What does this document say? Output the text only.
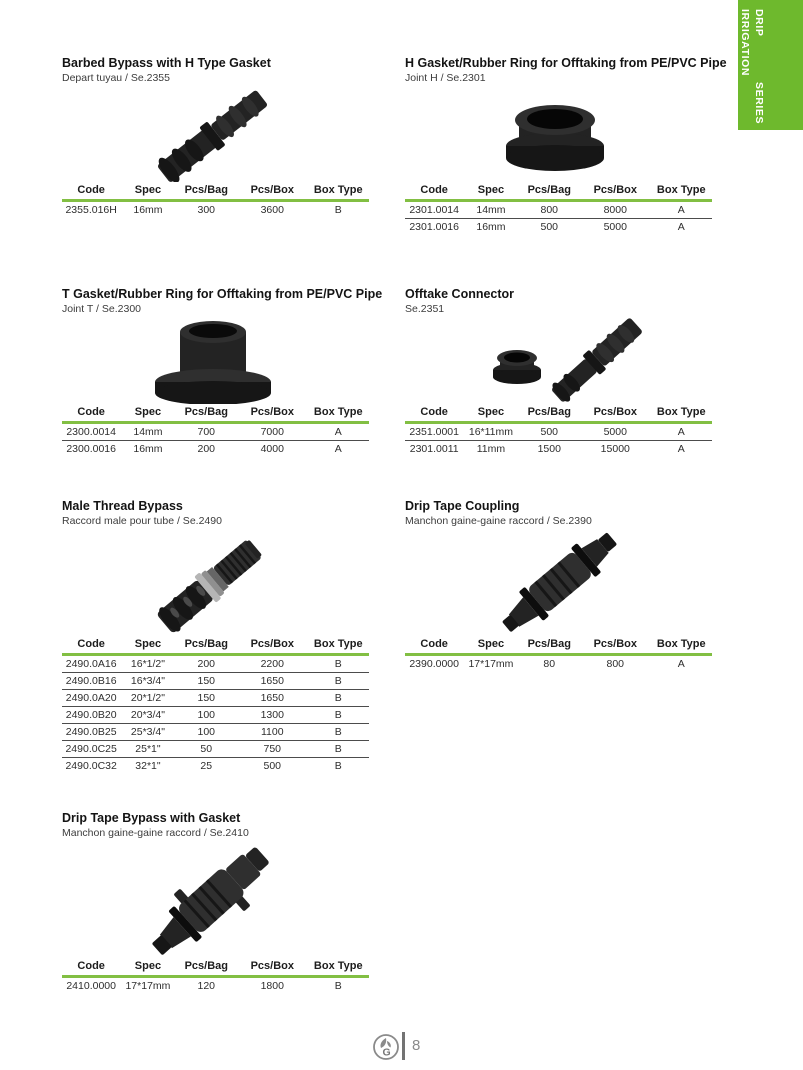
DRIP IRRIGATION
SERIES
Barbed Bypass with H Type Gasket
Depart tuyau / Se.2355
Code	Spec	Pcs/Bag	Pcs/Box	Box Type
2355.016H	16mm	300	3600	B
H Gasket/Rubber Ring for Offtaking from PE/PVC Pipe
Joint H / Se.2301
Code	Spec	Pcs/Bag	Pcs/Box	Box Type
2301.0014	14mm	800	8000	A
2301.0016	16mm	500	5000	A
T Gasket/Rubber Ring for Offtaking from PE/PVC Pipe
Joint T / Se.2300
Code	Spec	Pcs/Bag	Pcs/Box	Box Type
2300.0014	14mm	700	7000	A
2300.0016	16mm	200	4000	A
Offtake Connector
Se.2351
Code	Spec	Pcs/Bag	Pcs/Box	Box Type
2351.0001 16*11mm	500	5000	A
2301.0011	11mm	1500	15000	A
Male Thread Bypass
Raccord male pour tube / Se.2490
Code	Spec	Pcs/Bag	Pcs/Box	Box Type
2490.0A16	16*1/2"	200	2200	B
2490.0B16	16*3/4"	150	1650	B
2490.0A20	20*1/2"	150	1650	B
2490.0B20	20*3/4"	100	1300	B
2490.0B25	25*3/4"	100	1100	B
2490.0C25	25*1"	50	750	B
2490.0C32	32*1"	25	500	B
Drip Tape Coupling
Manchon gaine-gaine raccord / Se.2390
Code	Spec	Pcs/Bag	Pcs/Box	Box Type
2390.0000 17*17mm	80	800	A
Drip Tape Bypass with Gasket
Manchon gaine-gaine raccord / Se.2410
Code	Spec	Pcs/Bag	Pcs/Box	Box Type
2410.0000 17*17mm	120	1800	B
G 8
